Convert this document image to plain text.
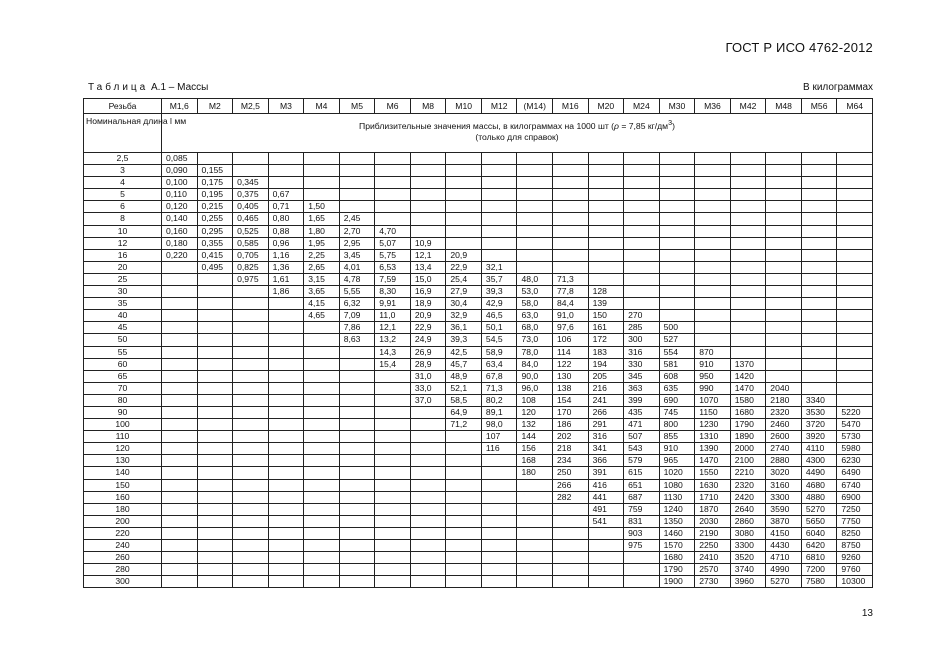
ГОСТ Р ИСО 4762-2012
Таблица А.1 – Массы	В килограммах
Резьба	M1,6	M2	M2,5	M3	M4	M5	M6	M8	M10	M12	(M14)	M16	M20	M24	M30	M36	M42	M48	M56	M64
Номинальная длина l мм	Приблизительные значения массы, в килограммах на 1000 шт (ρ = 7,85 $кг/дм^3$)
(только для справок)																			
2,5	0,085																			
3	0,090	0,155																		
4	0,100	0,175	0,345																	
5	0,110	0,195	0,375	0,67																
6	0,120	0,215	0,405	0,71	1,50															
8	0,140	0,255	0,465	0,80	1,65	2,45														
10	0,160	0,295	0,525	0,88	1,80	2,70	4,70													
12	0,180	0,355	0,585	0,96	1,95	2,95	5,07	10,9												
16	0,220	0,415	0,705	1,16	2,25	3,45	5,75	12,1	20,9											
20		0,495	0,825	1,36	2,65	4,01	6,53	13,4	22,9	32,1										
25			0,975	1,61	3,15	4,78	7,59	15,0	25,4	35,7	48,0	71,3								
30				1,86	3,65	5,55	8,30	16,9	27,9	39,3	53,0	77,8	128							
35					4,15	6,32	9,91	18,9	30,4	42,9	58,0	84,4	139							
40					4,65	7,09	11,0	20,9	32,9	46,5	63,0	91,0	150	270						
45						7,86	12,1	22,9	36,1	50,1	68,0	97,6	161	285	500					
50						8,63	13,2	24,9	39,3	54,5	73,0	106	172	300	527					
55							14,3	26,9	42,5	58,9	78,0	114	183	316	554	870				
60							15,4	28,9	45,7	63,4	84,0	122	194	330	581	910	1370			
65								31,0	48,9	67,8	90,0	130	205	345	608	950	1420			
70								33,0	52,1	71,3	96,0	138	216	363	635	990	1470	2040		
80								37,0	58,5	80,2	108	154	241	399	690	1070	1580	2180	3340	
90									64,9	89,1	120	170	266	435	745	1150	1680	2320	3530	5220
100									71,2	98,0	132	186	291	471	800	1230	1790	2460	3720	5470
110										107	144	202	316	507	855	1310	1890	2600	3920	5730
120										116	156	218	341	543	910	1390	2000	2740	4110	5980
130											168	234	366	579	965	1470	2100	2880	4300	6230
140											180	250	391	615	1020	1550	2210	3020	4490	6490
150												266	416	651	1080	1630	2320	3160	4680	6740
160												282	441	687	1130	1710	2420	3300	4880	6900
180													491	759	1240	1870	2640	3590	5270	7250
200													541	831	1350	2030	2860	3870	5650	7750
220														903	1460	2190	3080	4150	6040	8250
240														975	1570	2250	3300	4430	6420	8750
260															1680	2410	3520	4710	6810	9260
280															1790	2570	3740	4990	7200	9760
300															1900	2730	3960	5270	7580	10300
13
